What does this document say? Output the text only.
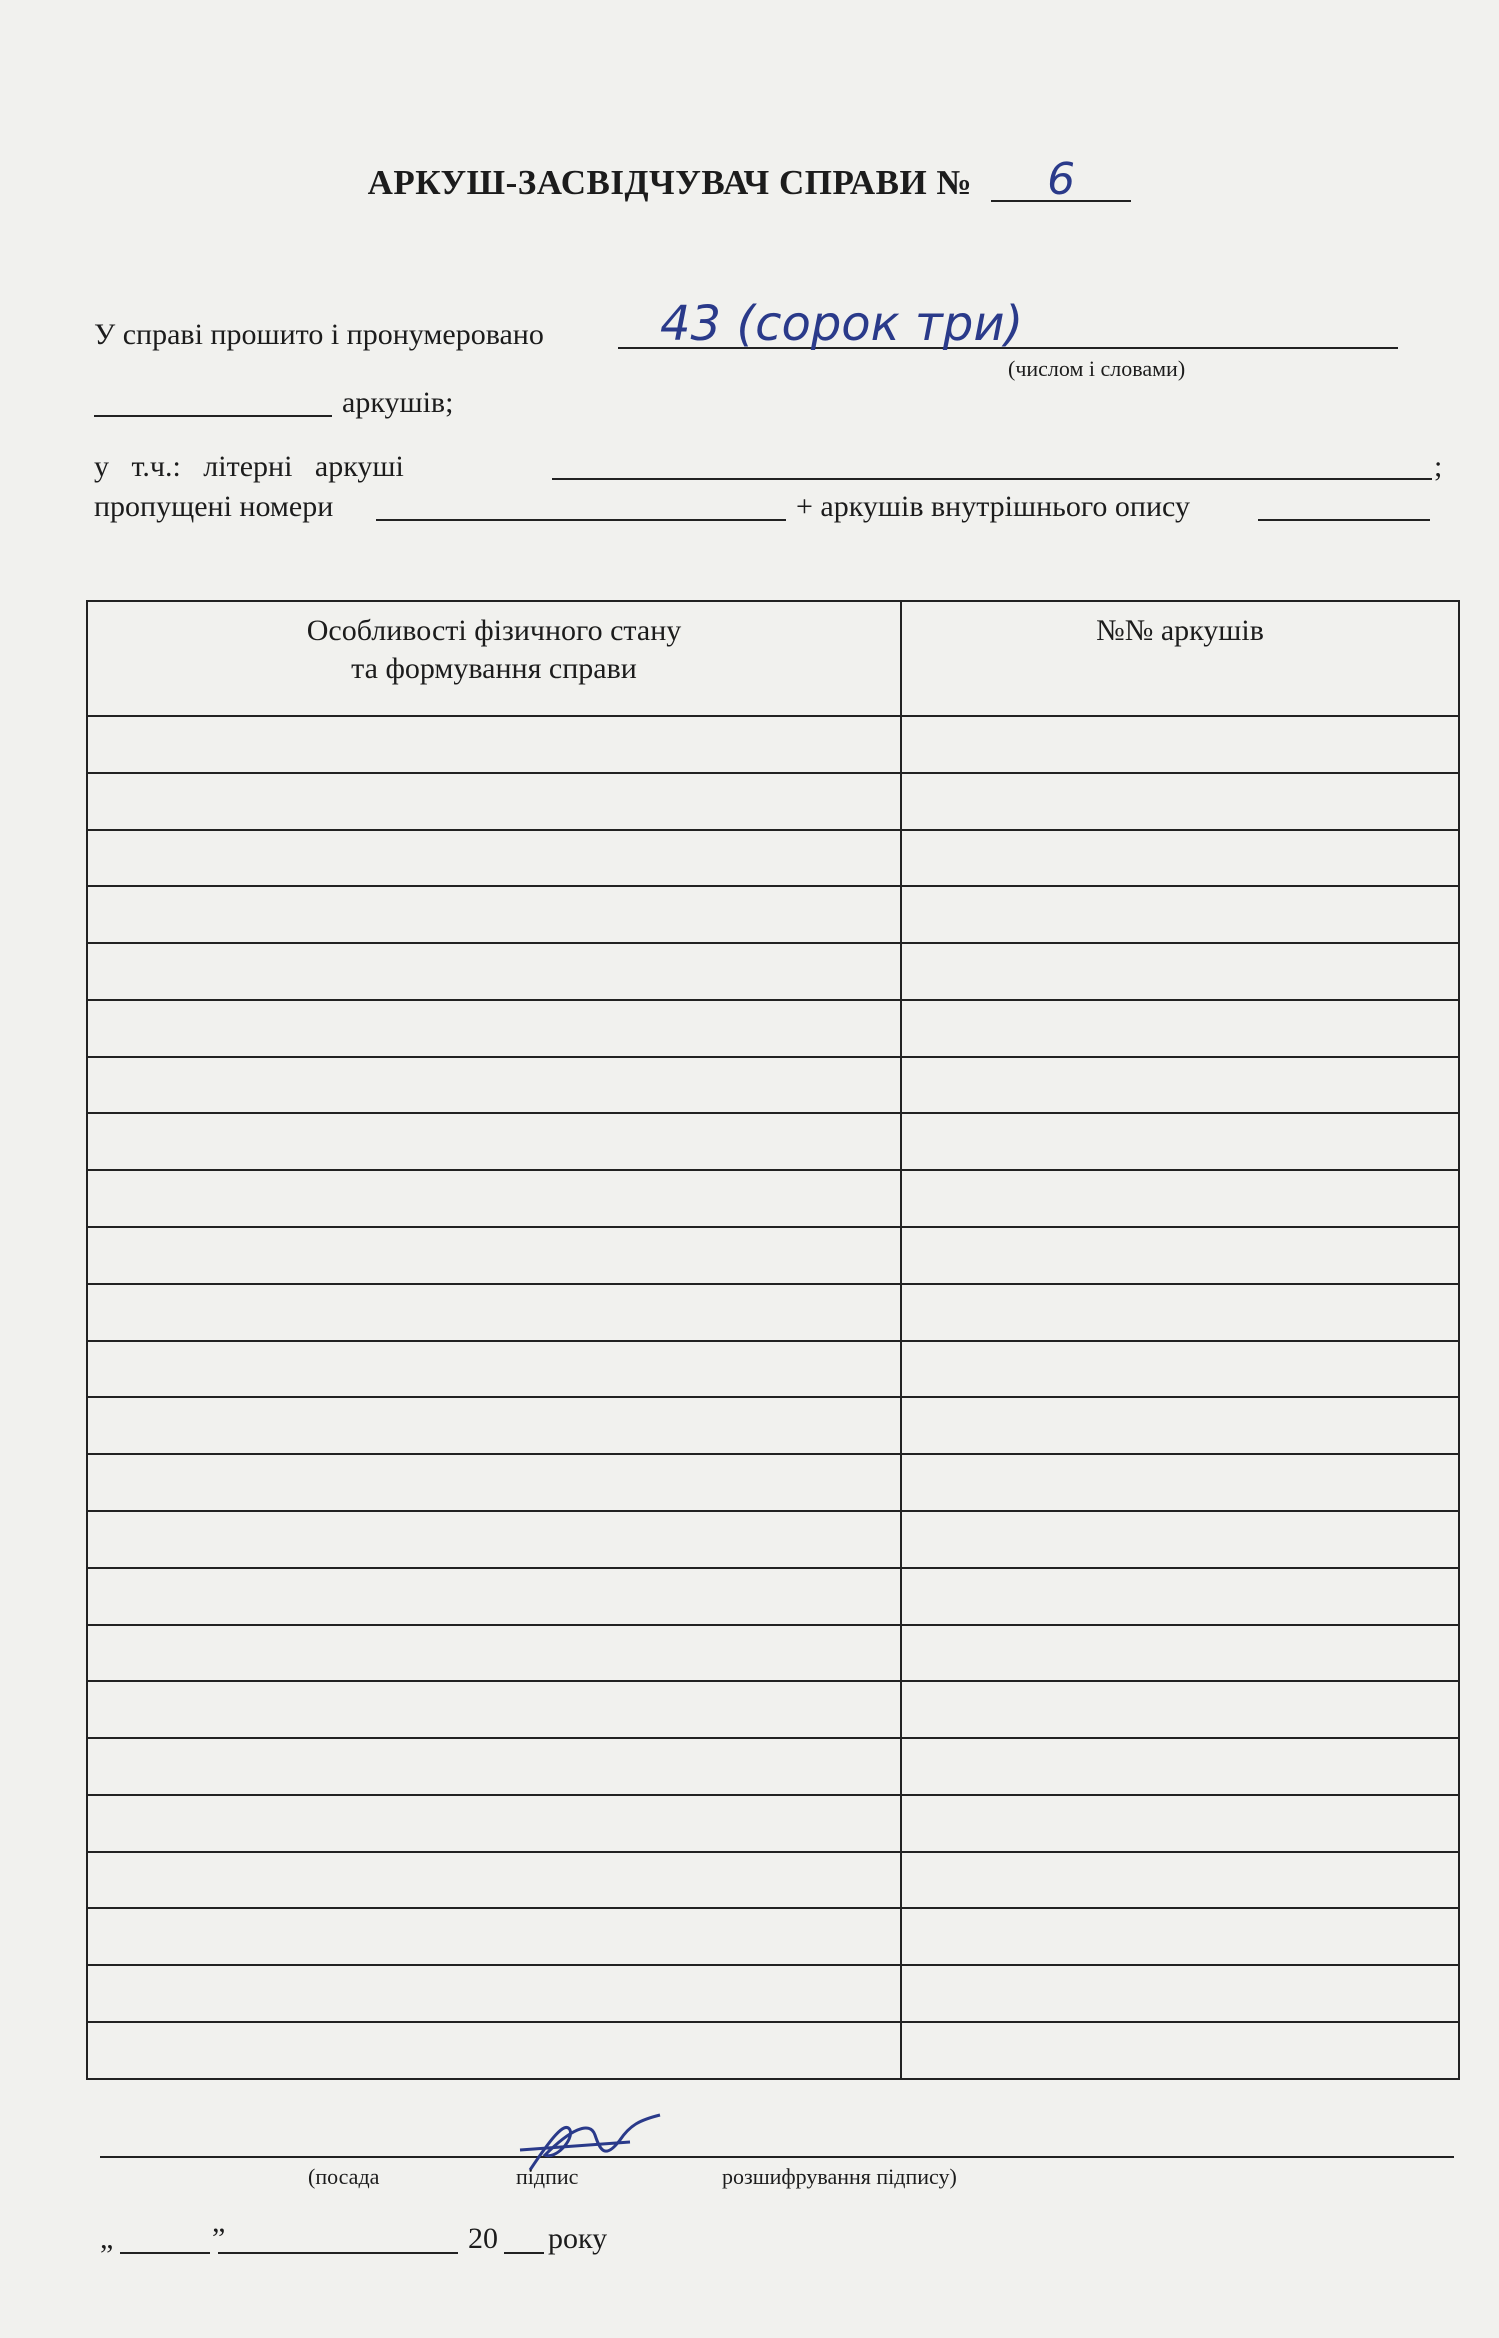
АРКУШ-ЗАСВІДЧУВАЧ СПРАВИ № 6
У справі прошито і пронумеровано 43 (сорок три)
(числом і словами)
аркушів;
у   т.ч.:   літерні   аркуші	;
пропущені номери	+ аркушів внутрішнього опису
Особливості фізичного стану
та формування справи	№№ аркушів

(посада	підпис	розшифрування підпису)
„	”	20 року
